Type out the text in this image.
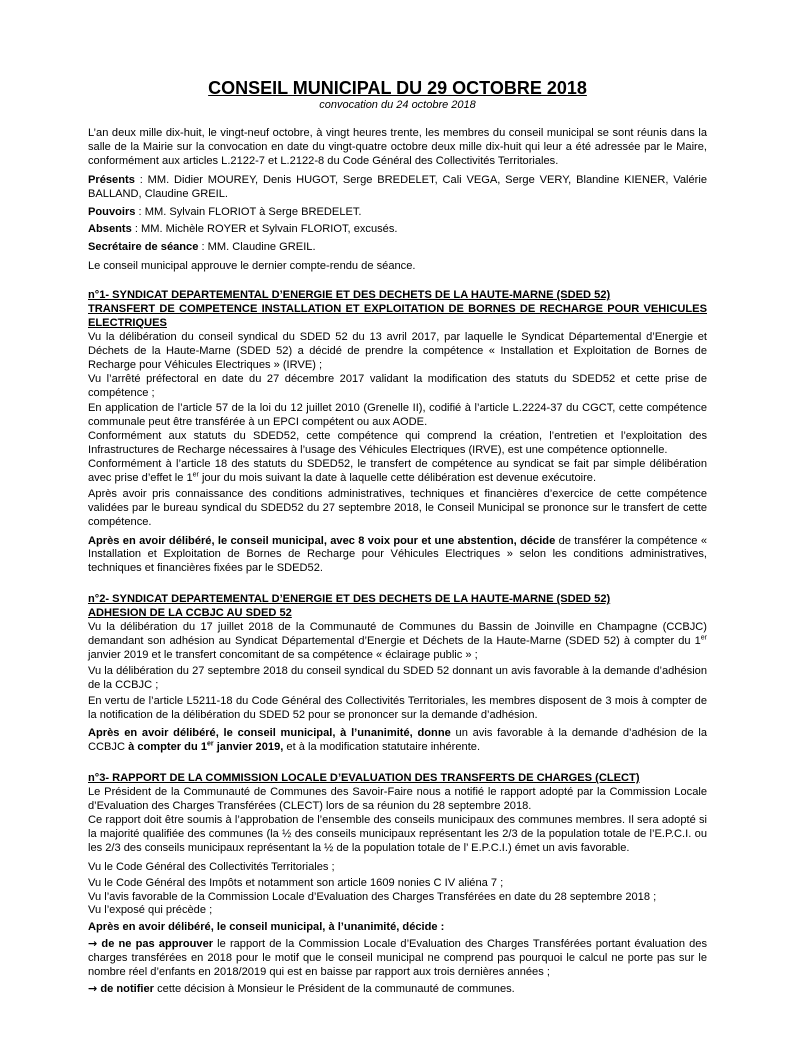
CONSEIL MUNICIPAL DU 29 OCTOBRE 2018

convocation du 24 octobre 2018

L’an deux mille dix-huit, le vingt-neuf octobre, à vingt heures trente, les membres du conseil municipal se sont réunis dans la salle de la Mairie sur la convocation en date du vingt-quatre octobre deux mille dix-huit qui leur a été adressée par le Maire, conformément aux articles L.2122-7 et L.2122-8 du Code Général des Collectivités Territoriales.

Présents : MM. Didier MOUREY, Denis HUGOT, Serge BREDELET, Cali VEGA, Serge VERY, Blandine KIENER, Valérie BALLAND, Claudine GREIL.

Pouvoirs : MM. Sylvain FLORIOT à Serge BREDELET.

Absents : MM. Michèle ROYER et Sylvain FLORIOT, excusés.

Secrétaire de séance : MM. Claudine GREIL.

Le conseil municipal approuve le dernier compte-rendu de séance.

n°1- SYNDICAT DEPARTEMENTAL D’ENERGIE ET DES DECHETS DE LA HAUTE-MARNE (SDED 52)

TRANSFERT DE COMPETENCE INSTALLATION ET EXPLOITATION DE BORNES DE RECHARGE POUR VEHICULES ELECTRIQUES

Vu la délibération du conseil syndical du SDED 52 du 13 avril 2017, par laquelle le Syndicat Départemental d’Energie et Déchets de la Haute-Marne (SDED 52) a décidé de prendre la compétence « Installation et Exploitation de Bornes de Recharge pour Véhicules Electriques » (IRVE) ;

Vu l’arrêté préfectoral en date du 27 décembre 2017 validant la modification des statuts du SDED52 et cette prise de compétence ;

En application de l’article 57 de la loi du 12 juillet 2010 (Grenelle II), codifié à l’article L.2224-37 du CGCT, cette compétence communale peut être transférée à un EPCI compétent ou aux AODE.

Conformément aux statuts du SDED52, cette compétence qui comprend la création, l’entretien et l’exploitation des Infrastructures de Recharge nécessaires à l’usage des Véhicules Electriques (IRVE), est une compétence optionnelle.

Conformément à l’article 18 des statuts du SDED52, le transfert de compétence au syndicat se fait par simple délibération avec prise d’effet le 1er jour du mois suivant la date à laquelle cette délibération est devenue exécutoire.

Après avoir pris connaissance des conditions administratives, techniques et financières d’exercice de cette compétence validées par le bureau syndical du SDED52 du 27 septembre 2018, le Conseil Municipal se prononce sur le transfert de cette compétence.

Après en avoir délibéré, le conseil municipal, avec 8 voix pour et une abstention, décide de transférer la compétence « Installation et Exploitation de Bornes de Recharge pour Véhicules Electriques » selon les conditions administratives, techniques et financières fixées par le SDED52.

n°2- SYNDICAT DEPARTEMENTAL D’ENERGIE ET DES DECHETS DE LA HAUTE-MARNE (SDED 52)

ADHESION DE LA CCBJC AU SDED 52

Vu la délibération du 17 juillet 2018 de la Communauté de Communes du Bassin de Joinville en Champagne (CCBJC) demandant son adhésion au Syndicat Départemental d’Energie et Déchets de la Haute-Marne (SDED 52) à compter du 1er janvier 2019 et le transfert concomitant de sa compétence « éclairage public » ;

Vu la délibération du 27 septembre 2018 du conseil syndical du SDED 52 donnant un avis favorable à la demande d’adhésion de la CCBJC ;

En vertu de l’article L5211-18 du Code Général des Collectivités Territoriales, les membres disposent de 3 mois à compter de la notification de la délibération du SDED 52 pour se prononcer sur la demande d’adhésion.

Après en avoir délibéré, le conseil municipal, à l’unanimité, donne un avis favorable à la demande d’adhésion de la CCBJC à compter du 1er janvier 2019, et à la modification statutaire inhérente.

n°3- RAPPORT DE LA COMMISSION LOCALE D’EVALUATION DES TRANSFERTS DE CHARGES (CLECT)

Le Président de la Communauté de Communes des Savoir-Faire nous a notifié le rapport adopté par la Commission Locale d’Evaluation des Charges Transférées (CLECT) lors de sa réunion du 28 septembre 2018.

Ce rapport doit être soumis à l’approbation de l’ensemble des conseils municipaux des communes membres. Il sera adopté si la majorité qualifiée des communes (la ½ des conseils municipaux représentant les 2/3 de la population totale de l’E.P.C.I. ou les 2/3 des conseils municipaux représentant la ½ de la population totale de l’ E.P.C.I.) émet un avis favorable.

Vu le Code Général des Collectivités Territoriales ;

Vu le Code Général des Impôts et notamment son article 1609 nonies C IV aliéna 7 ;

Vu l’avis favorable de la Commission Locale d’Evaluation des Charges Transférées en date du 28 septembre 2018 ;

Vu l’exposé qui précède ;

Après en avoir délibéré, le conseil municipal, à l’unanimité, décide :

→ de ne pas approuver le rapport de la Commission Locale d’Evaluation des Charges Transférées portant évaluation des charges transférées en 2018 pour le motif que le conseil municipal ne comprend pas pourquoi le calcul ne porte pas sur le nombre réel d’enfants en 2018/2019 qui est en baisse par rapport aux trois dernières années ;

→ de notifier cette décision à Monsieur le Président de la communauté de communes.
